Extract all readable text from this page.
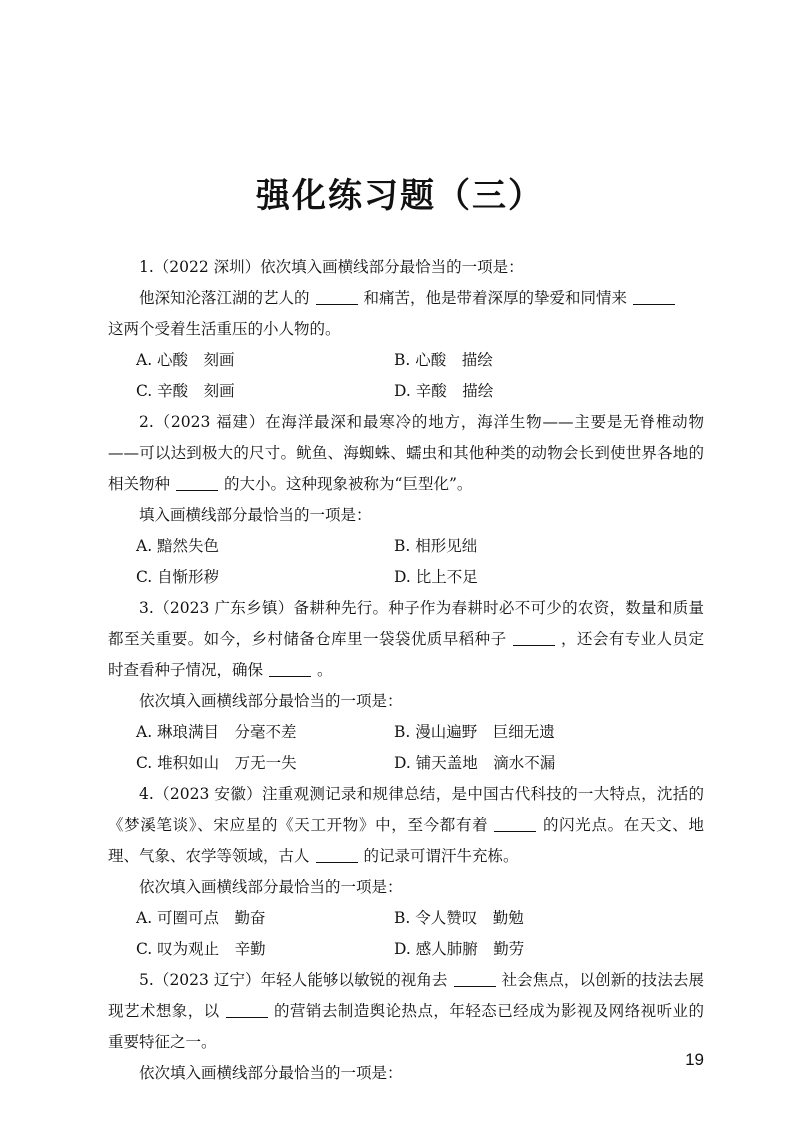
强化练习题（三）

1.（2022 深圳）依次填入画横线部分最恰当的一项是：

他深知沦落江湖的艺人的	和痛苦，他是带着深厚的挚爱和同情来

这两个受着生活重压的小人物的。

A. 心酸　刻画	B. 心酸　描绘
C. 辛酸　刻画	D. 辛酸　描绘

2.（2023 福建）在海洋最深和最寒冷的地方，海洋生物——主要是无脊椎动物——可以达到极大的尺寸。鱿鱼、海蜘蛛、蠕虫和其他种类的动物会长到使世界各地的相关物种	的大小。这种现象被称为“巨型化”。

填入画横线部分最恰当的一项是：

A. 黯然失色	B. 相形见绌
C. 自惭形秽	D. 比上不足

3.（2023 广东乡镇）备耕种先行。种子作为春耕时必不可少的农资，数量和质量都至关重要。如今，乡村储备仓库里一袋袋优质早稻种子	，还会有专业人员定时查看种子情况，确保	。

依次填入画横线部分最恰当的一项是：

A. 琳琅满目　分毫不差	B. 漫山遍野　巨细无遗
C. 堆积如山　万无一失	D. 铺天盖地　滴水不漏

4.（2023 安徽）注重观测记录和规律总结，是中国古代科技的一大特点，沈括的《梦溪笔谈》、宋应星的《天工开物》中，至今都有着	的闪光点。在天文、地理、气象、农学等领域，古人	的记录可谓汗牛充栋。

依次填入画横线部分最恰当的一项是：

A. 可圈可点　勤奋	B. 令人赞叹　勤勉
C. 叹为观止　辛勤	D. 感人肺腑　勤劳

5.（2023 辽宁）年轻人能够以敏锐的视角去	社会焦点，以创新的技法去展现艺术想象，以	的营销去制造舆论热点，年轻态已经成为影视及网络视听业的重要特征之一。

依次填入画横线部分最恰当的一项是：

19
